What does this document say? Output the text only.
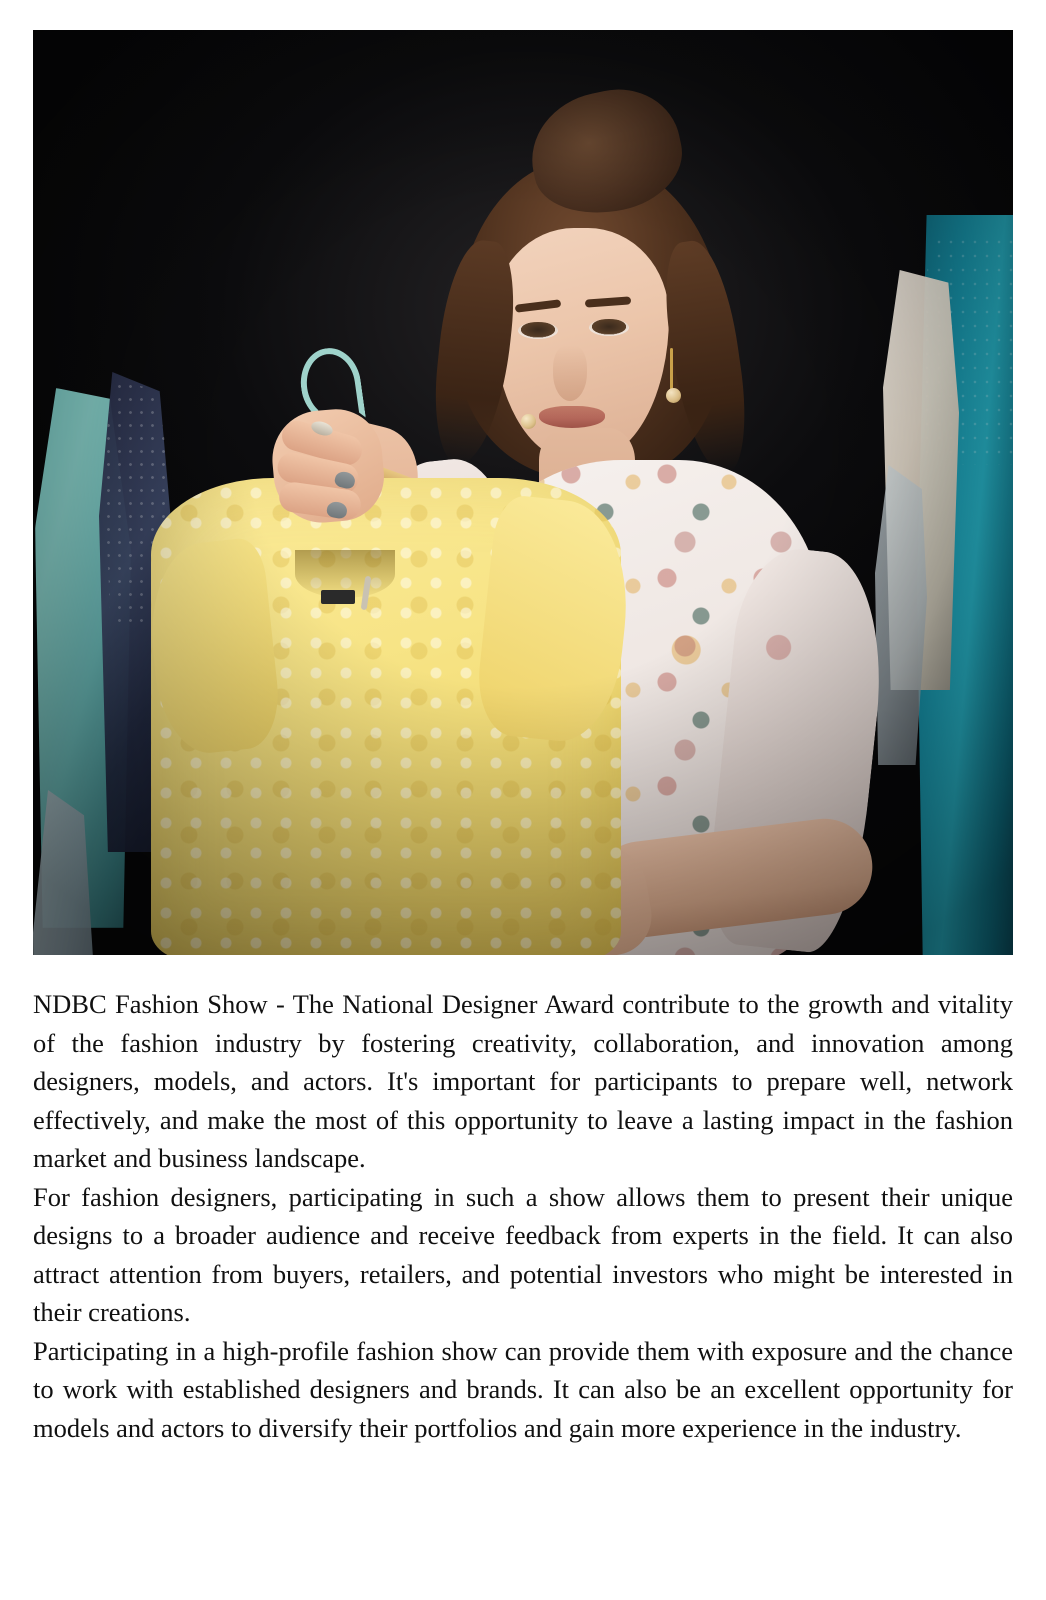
NDBC Fashion Show - The National Designer Award contribute to the growth and vitality of the fashion industry by fostering creativity, collaboration, and innovation among designers, models, and actors. It's important for participants to prepare well, network effectively, and make the most of this opportunity to leave a lasting impact in the fashion market and business landscape.

For fashion designers, participating in such a show allows them to present their unique designs to a broader audience and receive feedback from experts in the field. It can also attract attention from buyers, retailers, and potential investors who might be interested in their creations.

Participating in a high-profile fashion show can provide them with exposure and the chance to work with established designers and brands. It can also be an excellent opportunity for models and actors to diversify their portfolios and gain more experience in the industry.
